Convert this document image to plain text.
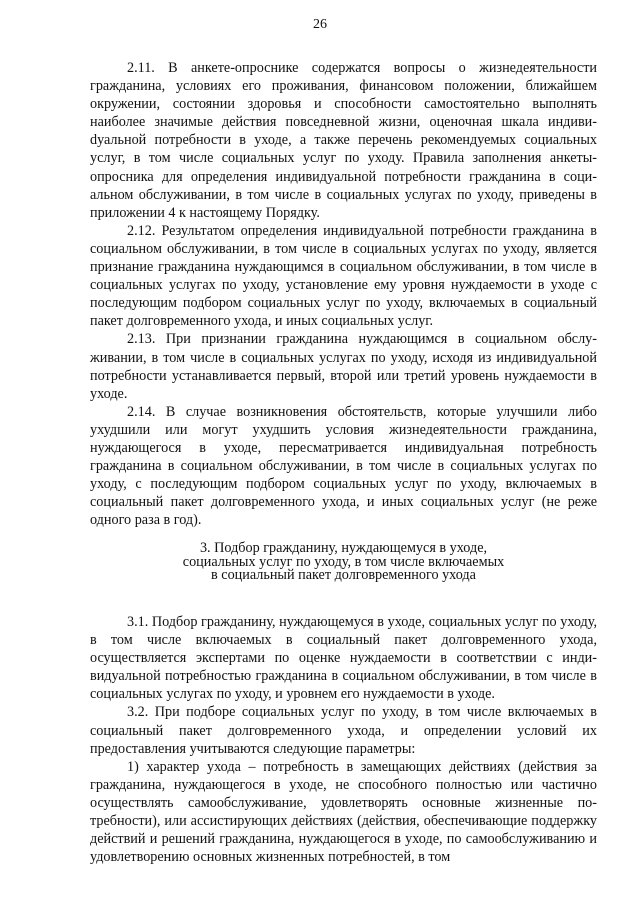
26

2.11. В анкете-опроснике содержатся вопросы о жизнедеятельности гражданина, условиях его проживания, финансовом положении, ближайшем окружении, состоянии здоровья и способности самостоятельно выполнять наиболее значимые действия повседневной жизни, оценочная шкала индивиdуальной потребности в уходе, а также перечень рекомендуемых социальных услуг, в том числе социальных услуг по уходу. Правила заполнения анкеты-опросника для определения индивидуальной потребности гражданина в социальном обслуживании, в том числе в социальных услугах по уходу, приведены в приложении 4 к настоящему Порядку.

2.12. Результатом определения индивидуальной потребности гражданина в социальном обслуживании, в том числе в социальных услугах по уходу, является признание гражданина нуждающимся в социальном обслуживании, в том числе в социальных услугах по уходу, установление ему уровня нуждаемости в уходе с последующим подбором социальных услуг по уходу, включаемых в социальный пакет долговременного ухода, и иных социальных услуг.

2.13. При признании гражданина нуждающимся в социальном обслуживании, в том числе в социальных услугах по уходу, исходя из индивидуальной потребности устанавливается первый, второй или третий уровень нуждаемости в уходе.

2.14. В случае возникновения обстоятельств, которые улучшили либо ухудшили или могут ухудшить условия жизнедеятельности гражданина, нуждающегося в уходе, пересматривается индивидуальная потребность гражданина в социальном обслуживании, в том числе в социальных услугах по уходу, с последующим подбором социальных услуг по уходу, включаемых в социальный пакет долговременного ухода, и иных социальных услуг (не реже одного раза в год).

3. Подбор гражданину, нуждающемуся в уходе,
социальных услуг по уходу, в том числе включаемых
в социальный пакет долговременного ухода

3.1. Подбор гражданину, нуждающемуся в уходе, социальных услуг по уходу, в том числе включаемых в социальный пакет долговременного ухода, осуществляется экспертами по оценке нуждаемости в соответствии с индивидуальной потребностью гражданина в социальном обслуживании, в том числе в социальных услугах по уходу, и уровнем его нуждаемости в уходе.

3.2. При подборе социальных услуг по уходу, в том числе включаемых в социальный пакет долговременного ухода, и определении условий их предоставления учитываются следующие параметры:

1) характер ухода – потребность в замещающих действиях (действия за гражданина, нуждающегося в уходе, не способного полностью или частично осуществлять самообслуживание, удовлетворять основные жизненные потребности), или ассистирующих действиях (действия, обеспечивающие поддержку действий и решений гражданина, нуждающегося в уходе, по самообслуживанию и удовлетворению основных жизненных потребностей, в том
